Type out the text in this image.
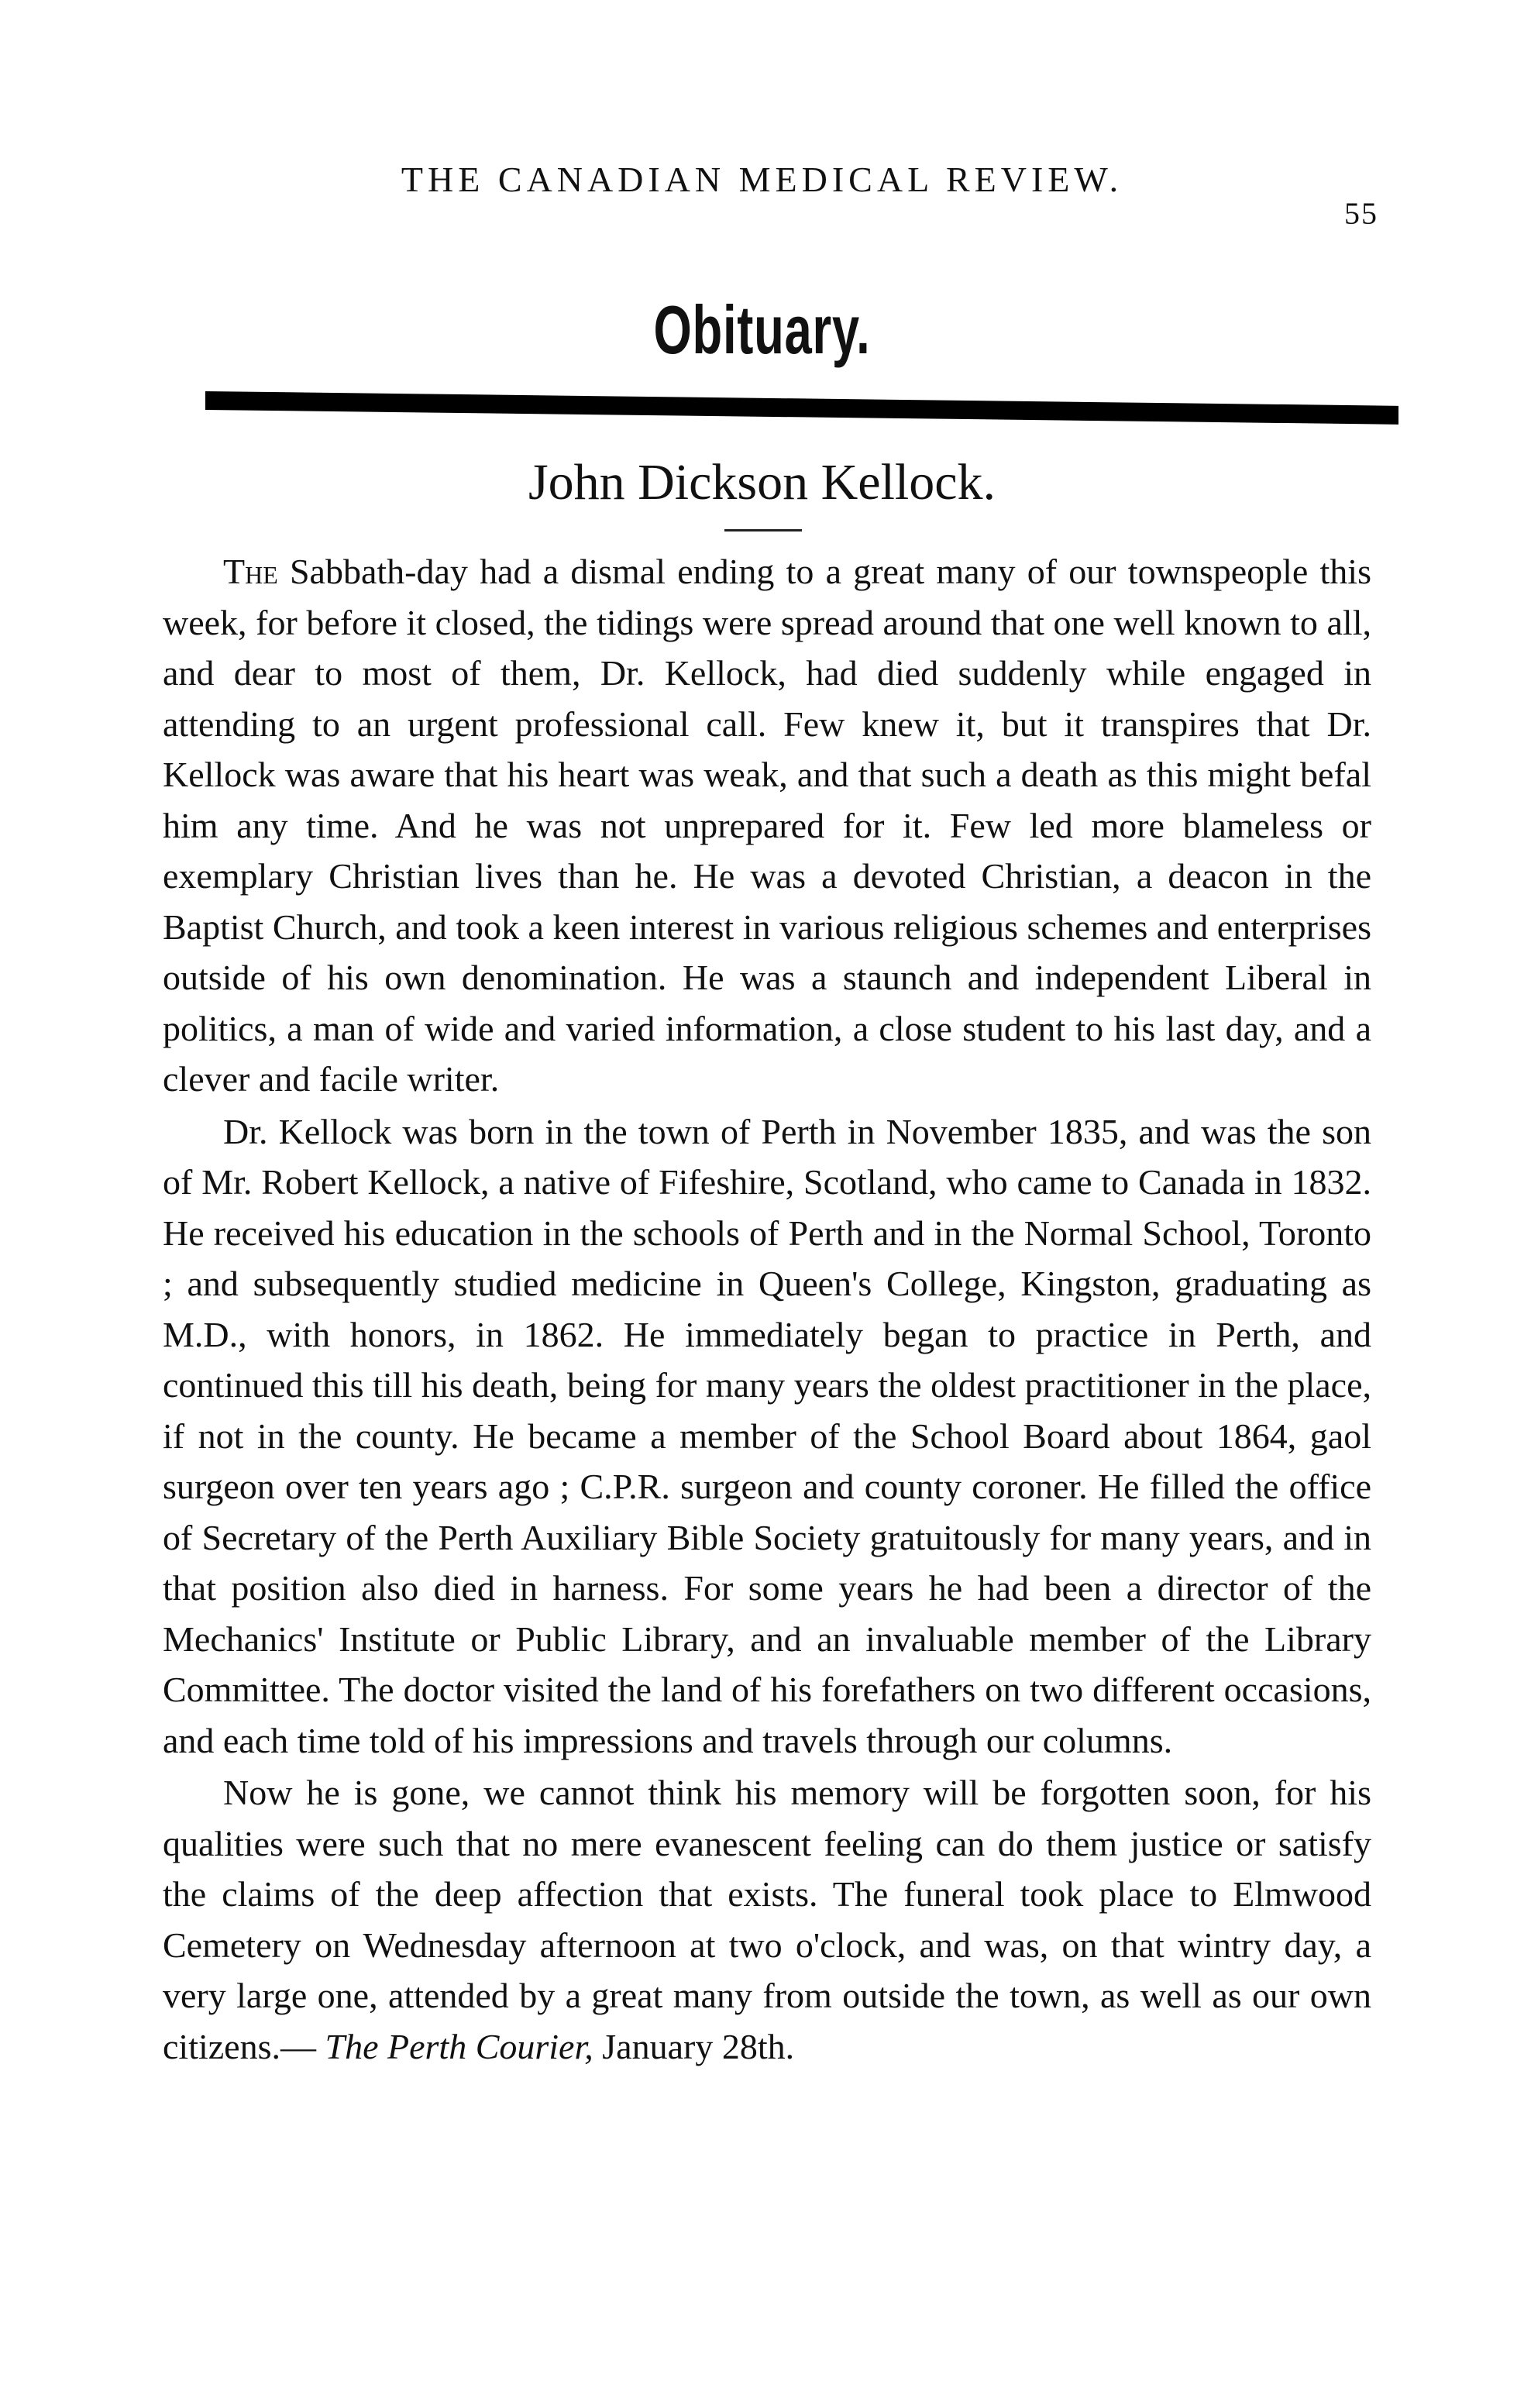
THE CANADIAN MEDICAL REVIEW.
55
Obituary.
John Dickson Kellock.

The Sabbath-day had a dismal ending to a great many of our townspeople this week, for before it closed, the tidings were spread around that one well known to all, and dear to most of them, Dr. Kellock, had died suddenly while engaged in attending to an urgent professional call. Few knew it, but it transpires that Dr. Kellock was aware that his heart was weak, and that such a death as this might befal him any time. And he was not unprepared for it. Few led more blameless or exemplary Christian lives than he. He was a devoted Christian, a deacon in the Baptist Church, and took a keen interest in various religious schemes and enterprises outside of his own denomination. He was a staunch and independent Liberal in politics, a man of wide and varied information, a close student to his last day, and a clever and facile writer.

Dr. Kellock was born in the town of Perth in November 1835, and was the son of Mr. Robert Kellock, a native of Fifeshire, Scotland, who came to Canada in 1832. He received his education in the schools of Perth and in the Normal School, Toronto ; and subsequently studied medicine in Queen's College, Kingston, graduating as M.D., with honors, in 1862. He immediately began to practice in Perth, and continued this till his death, being for many years the oldest practitioner in the place, if not in the county. He became a member of the School Board about 1864, gaol surgeon over ten years ago ; C.P.R. surgeon and county coroner. He filled the office of Secretary of the Perth Auxiliary Bible Society gratuitously for many years, and in that position also died in harness. For some years he had been a director of the Mechanics' Institute or Public Library, and an invaluable member of the Library Committee. The doctor visited the land of his forefathers on two different occasions, and each time told of his impressions and travels through our columns.

Now he is gone, we cannot think his memory will be forgotten soon, for his qualities were such that no mere evanescent feeling can do them justice or satisfy the claims of the deep affection that exists. The funeral took place to Elmwood Cemetery on Wednesday afternoon at two o'clock, and was, on that wintry day, a very large one, attended by a great many from outside the town, as well as our own citizens.— The Perth Courier, January 28th.
